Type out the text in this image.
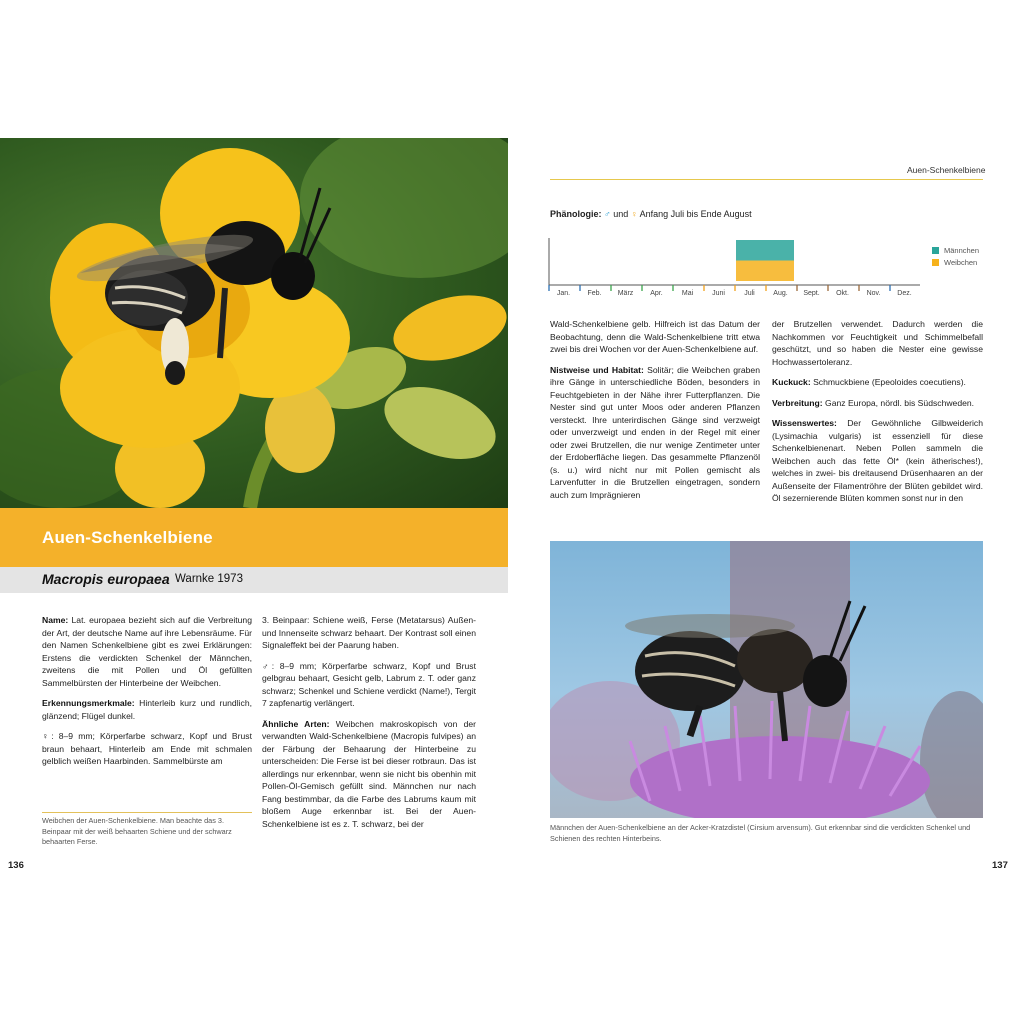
Auen-Schenkelbiene
Macropis europaea Warnke 1973

Name: Lat. europaea bezieht sich auf die Verbreitung der Art, der deutsche Name auf ihre Lebensräume. Für den Namen Schenkelbiene gibt es zwei Erklärungen: Erstens die verdickten Schenkel der Männchen, zweitens die mit Pollen und Öl gefüllten Sammelbürsten der Hinterbeine der Weibchen.

Erkennungsmerkmale: Hinterleib kurz und rundlich, glänzend; Flügel dunkel.

♀: 8–9 mm; Körperfarbe schwarz, Kopf und Brust braun behaart, Hinterleib am Ende mit schmalen gelblich weißen Haarbinden. Sammelbürste am

Weibchen der Auen-Schenkelbiene. Man beachte das 3. Beinpaar mit der weiß behaarten Schiene und der schwarz behaarten Ferse.

3. Beinpaar: Schiene weiß, Ferse (Metatarsus) Außen- und Innenseite schwarz behaart. Der Kontrast soll einen Signaleffekt bei der Paarung haben.

♂: 8–9 mm; Körperfarbe schwarz, Kopf und Brust gelbgrau behaart, Gesicht gelb, Labrum z. T. oder ganz schwarz; Schenkel und Schiene verdickt (Name!), Tergit 7 zapfenartig verlängert.

Ähnliche Arten: Weibchen makroskopisch von der verwandten Wald-Schenkelbiene (Macropis fulvipes) an der Färbung der Behaarung der Hinterbeine zu unterscheiden: Die Ferse ist bei dieser rotbraun. Das ist allerdings nur erkennbar, wenn sie nicht bis obenhin mit Pollen-Öl-Gemisch gefüllt sind. Männchen nur nach Fang bestimmbar, da die Farbe des Labrums kaum mit bloßem Auge erkennbar ist. Bei der Auen-Schenkelbiene ist es z. T. schwarz, bei der

136
Auen-Schenkelbiene
Phänologie: ♂ und ♀ Anfang Juli bis Ende August
Jan. Feb. März Apr.	Mai	Juni	Juli	Aug. Sept. Okt.	Nov. Dez.
Männchen
Weibchen

Wald-Schenkelbiene gelb. Hilfreich ist das Datum der Beobachtung, denn die Wald-Schenkelbiene tritt etwa zwei bis drei Wochen vor der Auen-Schenkelbiene auf.

Nistweise und Habitat: Solitär; die Weibchen graben ihre Gänge in unterschiedliche Böden, besonders in Feuchtgebieten in der Nähe ihrer Futterpflanzen. Die Nester sind gut unter Moos oder anderen Pflanzen versteckt. Ihre unterirdischen Gänge sind verzweigt oder unverzweigt und enden in der Regel mit einer oder zwei Brutzellen, die nur wenige Zentimeter unter der Erdoberfläche liegen. Das gesammelte Pflanzenöl (s. u.) wird nicht nur mit Pollen gemischt als Larvenfutter in die Brutzellen eingetragen, sondern auch zum Imprägnieren

der Brutzellen verwendet. Dadurch werden die Nachkommen vor Feuchtigkeit und Schimmelbefall geschützt, und so haben die Nester eine gewisse Hochwassertoleranz.

Kuckuck: Schmuckbiene (Epeoloides coecutiens).

Verbreitung: Ganz Europa, nördl. bis Südschweden.

Wissenswertes: Der Gewöhnliche Gilbweiderich (Lysimachia vulgaris) ist essenziell für diese Schenkelbienenart. Neben Pollen sammeln die Weibchen auch das fette Öl* (kein ätherisches!), welches in zwei- bis dreitausend Drüsenhaaren an der Außenseite der Filamentröhre der Blüten gebildet wird. Öl sezernierende Blüten kommen sonst nur in den

Männchen der Auen-Schenkelbiene an der Acker-Kratzdistel (Cirsium arvensum). Gut erkennbar sind die verdickten Schenkel und Schienen des rechten Hinterbeins.
137
